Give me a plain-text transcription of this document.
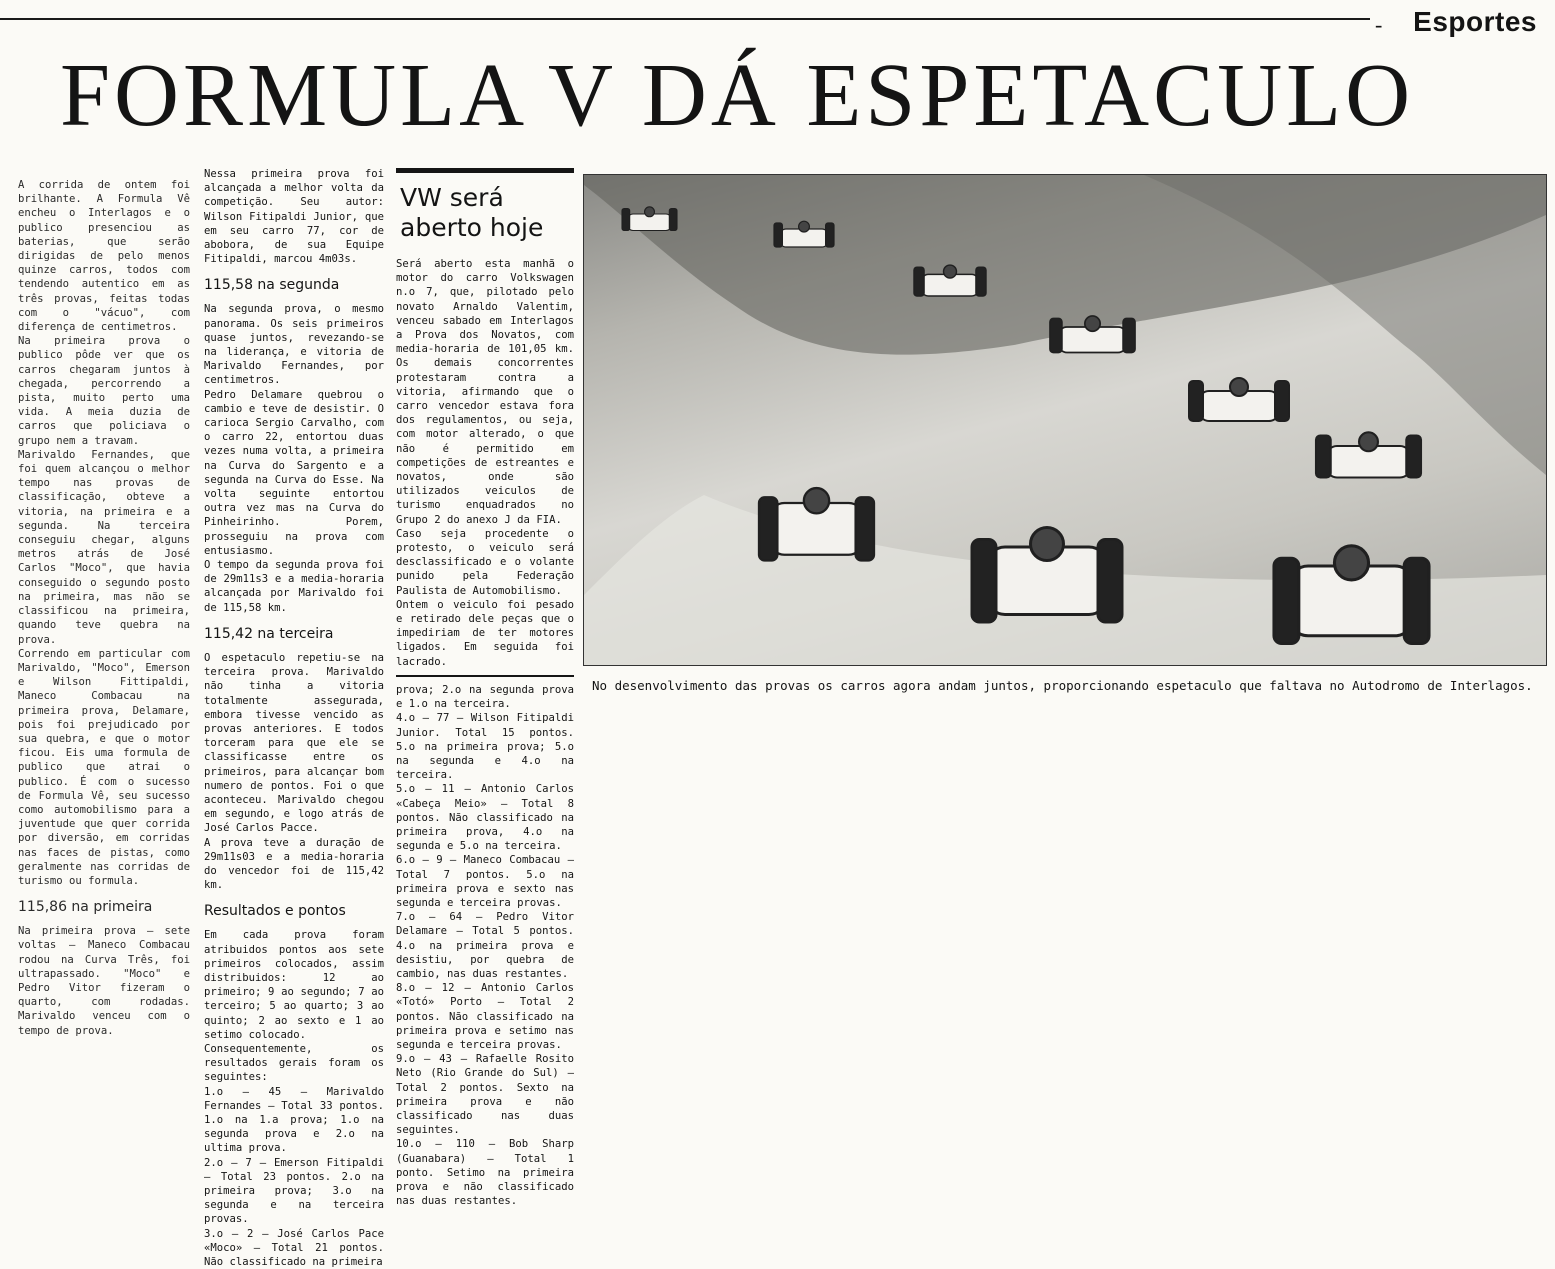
- Esportes
FORMULA V DÁ ESPETACULO

A corrida de ontem foi brilhante. A Formula Vê encheu o Interlagos e o publico presenciou as baterias, que serão dirigidas de pelo menos quinze carros, todos com tendendo autentico em as três provas, feitas todas com o "vácuo", com diferença de centimetros.

Na primeira prova o publico pôde ver que os carros chegaram juntos à chegada, percorrendo a pista, muito perto uma vida. A meia duzia de carros que policiava o grupo nem a travam.

Marivaldo Fernandes, que foi quem alcançou o melhor tempo nas provas de classificação, obteve a vitoria, na primeira e a segunda. Na terceira conseguiu chegar, alguns metros atrás de José Carlos "Moco", que havia conseguido o segundo posto na primeira, mas não se classificou na primeira, quando teve quebra na prova.

Correndo em particular com Marivaldo, "Moco", Emerson e Wilson Fittipaldi, Maneco Combacau na primeira prova, Delamare, pois foi prejudicado por sua quebra, e que o motor ficou. Eis uma formula de publico que atrai o publico. É com o sucesso de Formula Vê, seu sucesso como automobilismo para a juventude que quer corrida por diversão, em corridas nas faces de pistas, como geralmente nas corridas de turismo ou formula.

115,86 na primeira

Na primeira prova — sete voltas — Maneco Combacau rodou na Curva Três, foi ultrapassado. "Moco" e Pedro Vitor fizeram o quarto, com rodadas. Marivaldo venceu com o tempo de prova.

Nessa primeira prova foi alcançada a melhor volta da competição. Seu autor: Wilson Fitipaldi Junior, que em seu carro 77, cor de abobora, de sua Equipe Fitipaldi, marcou 4m03s.

115,58 na segunda

Na segunda prova, o mesmo panorama. Os seis primeiros quase juntos, revezando-se na liderança, e vitoria de Marivaldo Fernandes, por centimetros.

Pedro Delamare quebrou o cambio e teve de desistir. O carioca Sergio Carvalho, com o carro 22, entortou duas vezes numa volta, a primeira na Curva do Sargento e a segunda na Curva do Esse. Na volta seguinte entortou outra vez mas na Curva do Pinheirinho. Porem, prosseguiu na prova com entusiasmo.

O tempo da segunda prova foi de 29m11s3 e a media-horaria alcançada por Marivaldo foi de 115,58 km.

115,42 na terceira

O espetaculo repetiu-se na terceira prova. Marivaldo não tinha a vitoria totalmente assegurada, embora tivesse vencido as provas anteriores. E todos torceram para que ele se classificasse entre os primeiros, para alcançar bom numero de pontos. Foi o que aconteceu. Marivaldo chegou em segundo, e logo atrás de José Carlos Pacce.

A prova teve a duração de 29m11s03 e a media-horaria do vencedor foi de 115,42 km.

Resultados e pontos

Em cada prova foram atribuidos pontos aos sete primeiros colocados, assim distribuidos: 12 ao primeiro; 9 ao segundo; 7 ao terceiro; 5 ao quarto; 3 ao quinto; 2 ao sexto e 1 ao setimo colocado.

Consequentemente, os resultados gerais foram os seguintes:

1.o — 45 — Marivaldo Fernandes — Total 33 pontos. 1.o na 1.a prova; 1.o na segunda prova e 2.o na ultima prova.

2.o — 7 — Emerson Fitipaldi — Total 23 pontos. 2.o na primeira prova; 3.o na segunda e na terceira provas.

3.o — 2 — José Carlos Pace «Moco» — Total 21 pontos. Não classificado na primeira

VW será aberto hoje

Será aberto esta manhã o motor do carro Volkswagen n.o 7, que, pilotado pelo novato Arnaldo Valentim, venceu sabado em Interlagos a Prova dos Novatos, com media-horaria de 101,05 km. Os demais concorrentes protestaram contra a vitoria, afirmando que o carro vencedor estava fora dos regulamentos, ou seja, com motor alterado, o que não é permitido em competições de estreantes e novatos, onde são utilizados veiculos de turismo enquadrados no Grupo 2 do anexo J da FIA.

Caso seja procedente o protesto, o veiculo será desclassificado e o volante punido pela Federação Paulista de Automobilismo.

Ontem o veiculo foi pesado e retirado dele peças que o impediriam de ter motores ligados. Em seguida foi lacrado.

prova; 2.o na segunda prova e 1.o na terceira.

4.o — 77 — Wilson Fitipaldi Junior. Total 15 pontos. 5.o na primeira prova; 5.o na segunda e 4.o na terceira.

5.o — 11 — Antonio Carlos «Cabeça Meio» — Total 8 pontos. Não classificado na primeira prova, 4.o na segunda e 5.o na terceira.

6.o — 9 — Maneco Combacau — Total 7 pontos. 5.o na primeira prova e sexto nas segunda e terceira provas.

7.o — 64 — Pedro Vitor Delamare — Total 5 pontos. 4.o na primeira prova e desistiu, por quebra de cambio, nas duas restantes.

8.o — 12 — Antonio Carlos «Totó» Porto — Total 2 pontos. Não classificado na primeira prova e setimo nas segunda e terceira provas.

9.o — 43 — Rafaelle Rosito Neto (Rio Grande do Sul) — Total 2 pontos. Sexto na primeira prova e não classificado nas duas seguintes.

10.o — 110 — Bob Sharp (Guanabara) — Total 1 ponto. Setimo na primeira prova e não classificado nas duas restantes.

No desenvolvimento das provas os carros agora andam juntos, proporcionando espetaculo que faltava no Autodromo de Interlagos.
